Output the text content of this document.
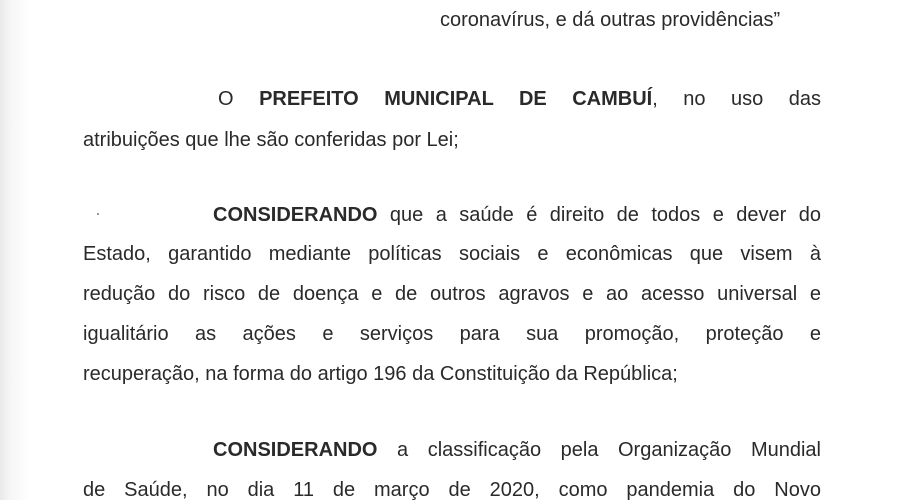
coronavírus, e dá outras providências”
O PREFEITO MUNICIPAL DE CAMBUÍ, no uso das
atribuições que lhe são conferidas por Lei;
CONSIDERANDO que a saúde é direito de todos e dever do
Estado, garantido mediante políticas sociais e econômicas que visem à
redução do risco de doença e de outros agravos e ao acesso universal e
igualitário as ações e serviços para sua promoção, proteção e
recuperação, na forma do artigo 196 da Constituição da República;
CONSIDERANDO a classificação pela Organização Mundial
de Saúde, no dia 11 de março de 2020, como pandemia do Novo
